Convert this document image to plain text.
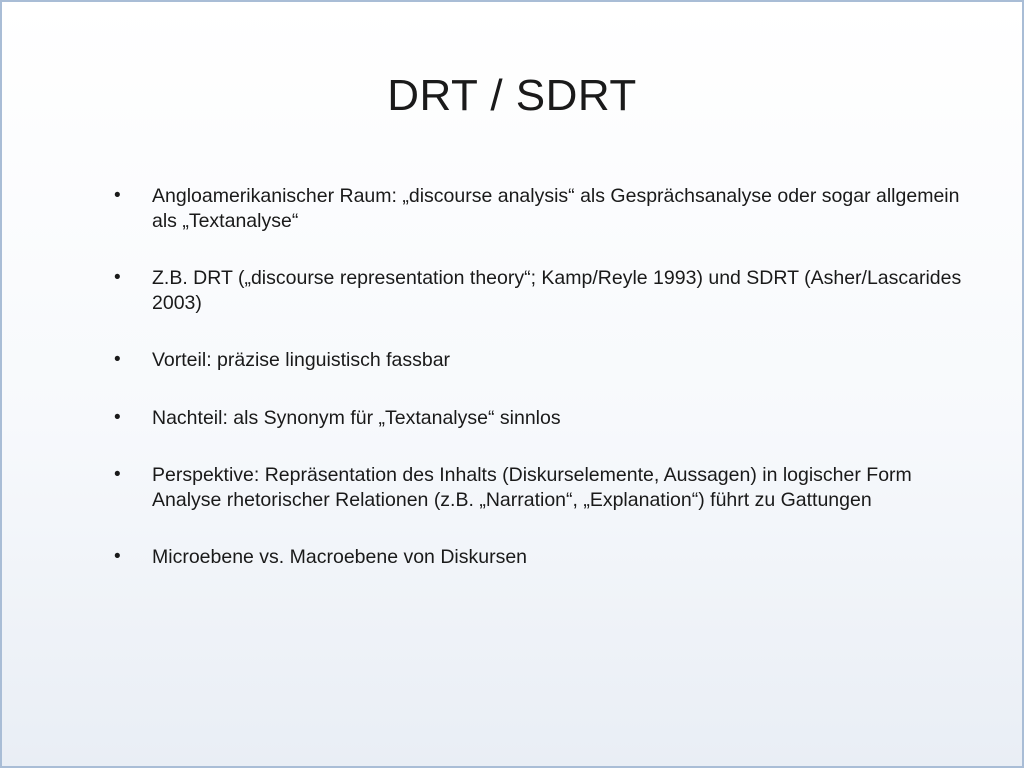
DRT / SDRT
• Angloamerikanischer Raum: „discourse analysis“ als Gesprächsanalyse oder sogar allgemein als „Textanalyse“
• Z.B. DRT („discourse representation theory“; Kamp/Reyle 1993) und SDRT (Asher/Lascarides 2003)
• Vorteil: präzise linguistisch fassbar
• Nachteil: als Synonym für „Textanalyse“ sinnlos
• Perspektive: Repräsentation des Inhalts (Diskurselemente, Aussagen) in logischer Form
Analyse rhetorischer Relationen (z.B. „Narration“, „Explanation“) führt zu Gattungen
• Microebene vs. Macroebene von Diskursen
